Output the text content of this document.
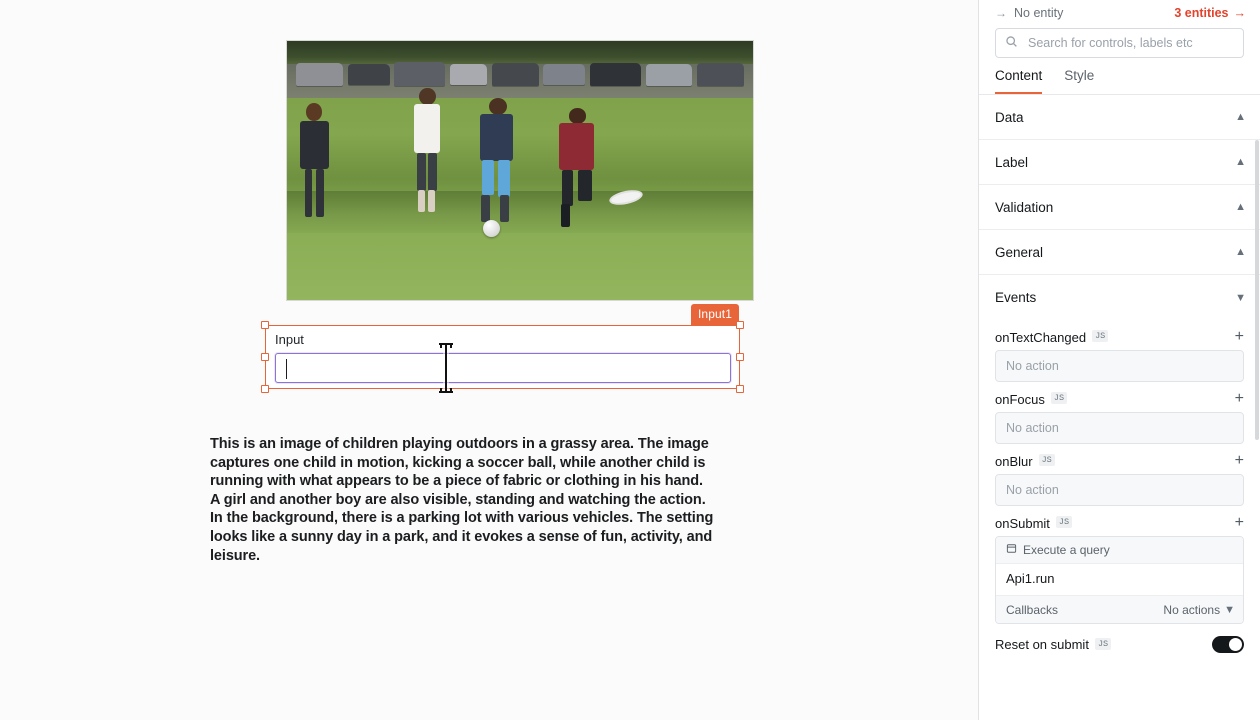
Input1
Input

This is an image of children playing outdoors in a grassy area. The image

captures one child in motion, kicking a soccer ball, while another child is

running with what appears to be a piece of fabric or clothing in his hand.

A girl and another boy are also visible, standing and watching the action.

In the background, there is a parking lot with various vehicles. The setting

looks like a sunny day in a park, and it evokes a sense of fun, activity, and

leisure.

→ No entity	3 entities →
Search for controls, labels etc
Content Style
Data	▲
Label	▲
Validation	▲
General	▲
Events	▼
onTextChanged	JS	+
No action
onFocus	JS	+
No action
onBlur	JS	+
No action
onSubmit	JS	+
Execute a query
Api1.run
Callbacks	No actions ▼
Reset on submit	JS
